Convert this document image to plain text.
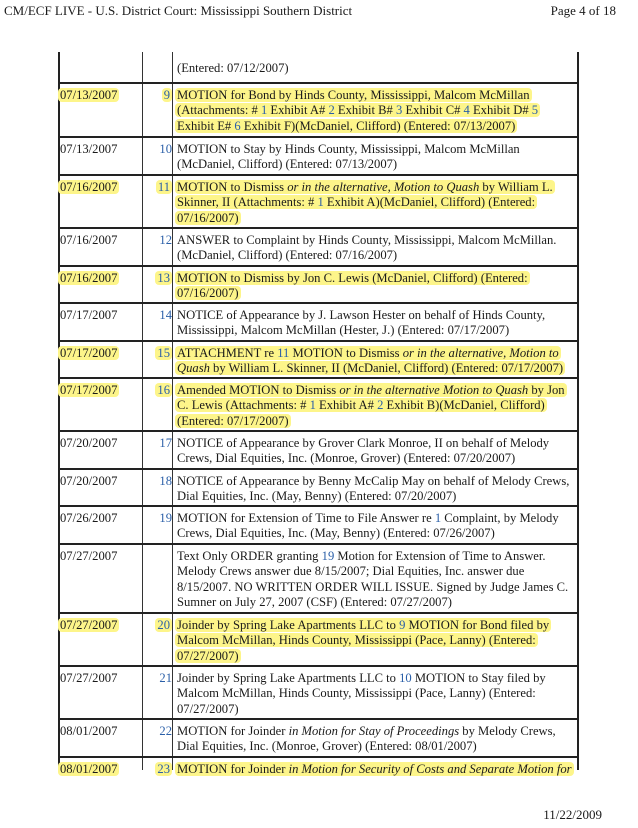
CM/ECF LIVE - U.S. District Court: Mississippi Southern District	Page 4 of 18
(Entered: 07/12/2007)
07/13/2007	9 MOTION for Bond by Hinds County, Mississippi, Malcom McMillan (Attachments: # 1 Exhibit A# 2 Exhibit B# 3 Exhibit C# 4 Exhibit D# 5 Exhibit E# 6 Exhibit F)(McDaniel, Clifford) (Entered: 07/13/2007)
07/13/2007	10 MOTION to Stay by Hinds County, Mississippi, Malcom McMillan (McDaniel, Clifford) (Entered: 07/13/2007)
07/16/2007	11 MOTION to Dismiss or in the alternative, Motion to Quash by William L. Skinner, II (Attachments: # 1 Exhibit A)(McDaniel, Clifford) (Entered: 07/16/2007)
07/16/2007	12 ANSWER to Complaint by Hinds County, Mississippi, Malcom McMillan. (McDaniel, Clifford) (Entered: 07/16/2007)
07/16/2007	13 MOTION to Dismiss by Jon C. Lewis (McDaniel, Clifford) (Entered: 07/16/2007)
07/17/2007	14 NOTICE of Appearance by J. Lawson Hester on behalf of Hinds County, Mississippi, Malcom McMillan (Hester, J.) (Entered: 07/17/2007)
07/17/2007	15 ATTACHMENT re 11 MOTION to Dismiss or in the alternative, Motion to Quash by William L. Skinner, II (McDaniel, Clifford) (Entered: 07/17/2007)
07/17/2007	16 Amended MOTION to Dismiss or in the alternative Motion to Quash by Jon C. Lewis (Attachments: # 1 Exhibit A# 2 Exhibit B)(McDaniel, Clifford) (Entered: 07/17/2007)
07/20/2007	17 NOTICE of Appearance by Grover Clark Monroe, II on behalf of Melody Crews, Dial Equities, Inc. (Monroe, Grover) (Entered: 07/20/2007)
07/20/2007	18 NOTICE of Appearance by Benny McCalip May on behalf of Melody Crews, Dial Equities, Inc. (May, Benny) (Entered: 07/20/2007)
07/26/2007	19 MOTION for Extension of Time to File Answer re 1 Complaint, by Melody Crews, Dial Equities, Inc. (May, Benny) (Entered: 07/26/2007)
07/27/2007	Text Only ORDER granting 19 Motion for Extension of Time to Answer. Melody Crews answer due 8/15/2007; Dial Equities, Inc. answer due 8/15/2007. NO WRITTEN ORDER WILL ISSUE. Signed by Judge James C. Sumner on July 27, 2007 (CSF) (Entered: 07/27/2007)
07/27/2007	20 Joinder by Spring Lake Apartments LLC to 9 MOTION for Bond filed by Malcom McMillan, Hinds County, Mississippi (Pace, Lanny) (Entered: 07/27/2007)
07/27/2007	21 Joinder by Spring Lake Apartments LLC to 10 MOTION to Stay filed by Malcom McMillan, Hinds County, Mississippi (Pace, Lanny) (Entered: 07/27/2007)
08/01/2007	22 MOTION for Joinder in Motion for Stay of Proceedings by Melody Crews, Dial Equities, Inc. (Monroe, Grover) (Entered: 08/01/2007)
08/01/2007	23 MOTION for Joinder in Motion for Security of Costs and Separate Motion for
11/22/2009
